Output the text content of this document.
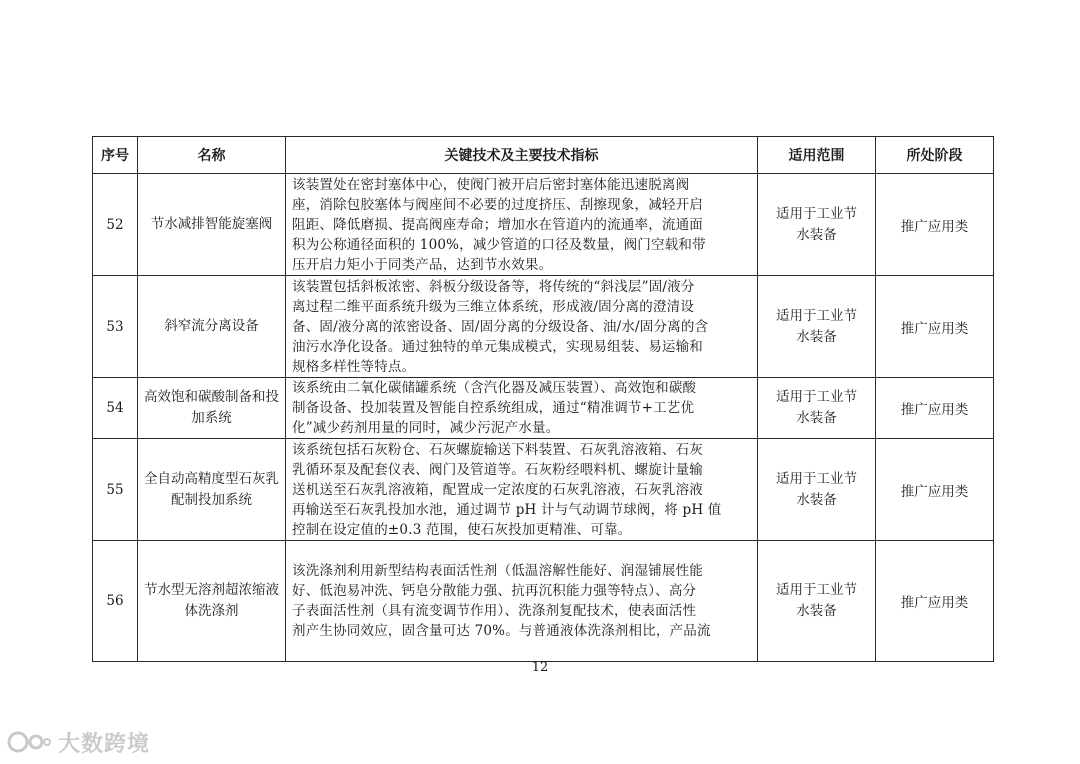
序号	名称	关键技术及主要技术指标	适用范围	所处阶段
52	节水减排智能旋塞阀	该装置处在密封塞体中心，使阀门被开启后密封塞体能迅速脱离阀
座，消除包胶塞体与阀座间不必要的过度挤压、刮擦现象，减轻开启
阻距、降低磨损、提高阀座寿命；增加水在管道内的流通率，流通面
积为公称通径面积的 100%，减少管道的口径及数量，阀门空载和带
压开启力矩小于同类产品，达到节水效果。	适用于工业节
水装备	推广应用类
53	斜窄流分离设备	该装置包括斜板浓密、斜板分级设备等，将传统的“斜浅层”固/液分
离过程二维平面系统升级为三维立体系统，形成液/固分离的澄清设
备、固/液分离的浓密设备、固/固分离的分级设备、油/水/固分离的含
油污水净化设备。通过独特的单元集成模式，实现易组装、易运输和
规格多样性等特点。	适用于工业节
水装备	推广应用类
54	高效饱和碳酸制备和投加系统	该系统由二氧化碳储罐系统（含汽化器及减压装置）、高效饱和碳酸
制备设备、投加装置及智能自控系统组成，通过“精准调节+工艺优
化”减少药剂用量的同时，减少污泥产水量。	适用于工业节
水装备	推广应用类
55	全自动高精度型石灰乳配制投加系统	该系统包括石灰粉仓、石灰螺旋输送下料装置、石灰乳溶液箱、石灰
乳循环泵及配套仪表、阀门及管道等。石灰粉经喂料机、螺旋计量输
送机送至石灰乳溶液箱，配置成一定浓度的石灰乳溶液，石灰乳溶液
再输送至石灰乳投加水池，通过调节 pH 计与气动调节球阀，将 pH 值
控制在设定值的±0.3 范围，使石灰投加更精准、可靠。	适用于工业节
水装备	推广应用类
56	节水型无溶剂超浓缩液体洗涤剂	该洗涤剂利用新型结构表面活性剂（低温溶解性能好、润湿铺展性能
好、低泡易冲洗、钙皂分散能力强、抗再沉积能力强等特点）、高分
子表面活性剂（具有流变调节作用）、洗涤剂复配技术，使表面活性
剂产生协同效应，固含量可达 70%。与普通液体洗涤剂相比，产品流	适用于工业节
水装备	推广应用类
12
大数跨境
